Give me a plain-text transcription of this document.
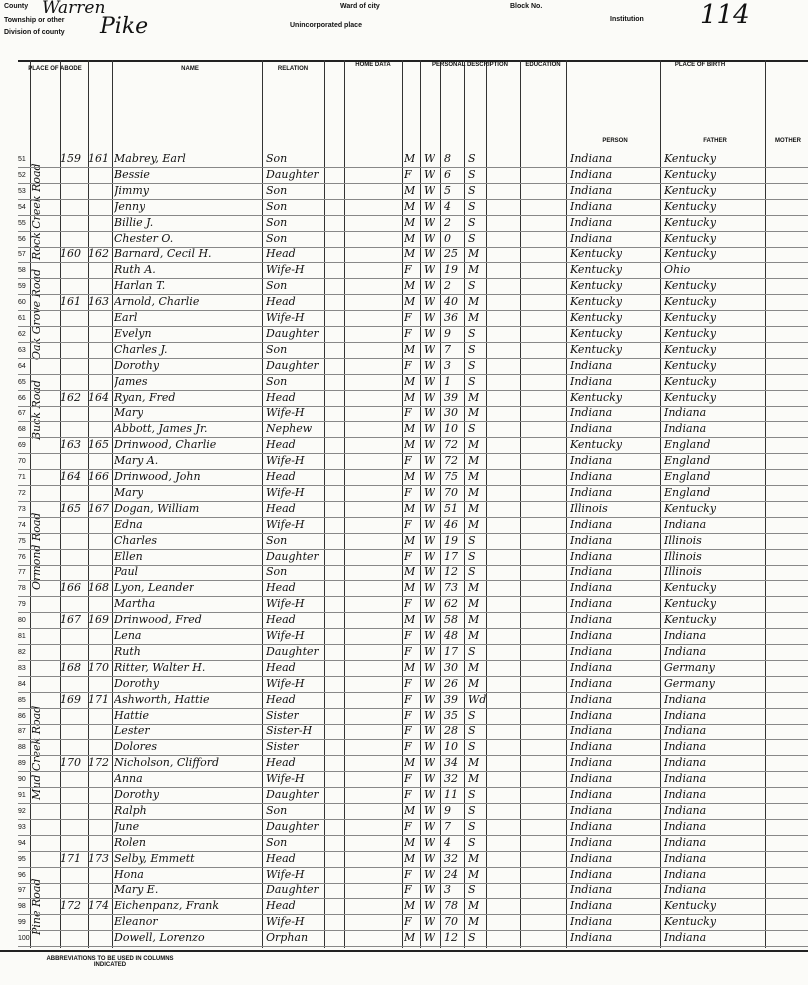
County Warren
Township or other
Division of county Pike
Ward of city	Block No.
Unincorporated place
Institution 114
PLACE OF ABODE	NAME	RELATION
HOME DATA	PERSONAL DESCRIPTION	EDUCATION	PLACE OF BIRTH
PERSON	FATHER	MOTHER
Rock Creek Road
Oak Grove Road
Buck Road
Ormond Road
Mud Creek Road
Pine Road
51	159 161 Mabrey, Earl	Son	M W 8 S	Indiana	Kentucky
52	Bessie	Daughter	F W 6 S	Indiana	Kentucky
53	Jimmy	Son	M W 5 S	Indiana	Kentucky
54	Jenny	Son	M W 4 S	Indiana	Kentucky
55	Billie J.	Son	M W 2 S	Indiana	Kentucky
56	Chester O.	Son	M W 0 S	Indiana	Kentucky
57	160 162 Barnard, Cecil H.	Head	M W 25 M	Kentucky	Kentucky
58	Ruth A.	Wife-H	F W 19 M	Kentucky	Ohio
59	Harlan T.	Son	M W 2 S	Kentucky	Kentucky
60	161 163 Arnold, Charlie	Head	M W 40 M	Kentucky	Kentucky
61	Earl	Wife-H	F W 36 M	Kentucky	Kentucky
62	Evelyn	Daughter	F W 9 S	Kentucky	Kentucky
63	Charles J.	Son	M W 7 S	Kentucky	Kentucky
64	Dorothy	Daughter	F W 3 S	Indiana	Kentucky
65	James	Son	M W 1 S	Indiana	Kentucky
66	162 164 Ryan, Fred	Head	M W 39 M	Kentucky	Kentucky
67	Mary	Wife-H	F W 30 M	Indiana	Indiana
68	Abbott, James Jr.	Nephew	M W 10 S	Indiana	Indiana
69	163 165 Drinwood, Charlie	Head	M W 72 M	Kentucky	England
70	Mary A.	Wife-H	F W 72 M	Indiana	England
71	164 166 Drinwood, John	Head	M W 75 M	Indiana	England
72	Mary	Wife-H	F W 70 M	Indiana	England
73	165 167 Dogan, William	Head	M W 51 M	Illinois	Kentucky
74	Edna	Wife-H	F W 46 M	Indiana	Indiana
75	Charles	Son	M W 19 S	Indiana	Illinois
76	Ellen	Daughter	F W 17 S	Indiana	Illinois
77	Paul	Son	M W 12 S	Indiana	Illinois
78	166 168 Lyon, Leander	Head	M W 73 M	Indiana	Kentucky
79	Martha	Wife-H	F W 62 M	Indiana	Kentucky
80	167 169 Drinwood, Fred	Head	M W 58 M	Indiana	Kentucky
81	Lena	Wife-H	F W 48 M	Indiana	Indiana
82	Ruth	Daughter	F W 17 S	Indiana	Indiana
83	168 170 Ritter, Walter H.	Head	M W 30 M	Indiana	Germany
84	Dorothy	Wife-H	F W 26 M	Indiana	Germany
85	169 171 Ashworth, Hattie	Head	F W 39 Wd	Indiana	Indiana
86	Hattie	Sister	F W 35 S	Indiana	Indiana
87	Lester	Sister-H	F W 28 S	Indiana	Indiana
88	Dolores	Sister	F W 10 S	Indiana	Indiana
89	170 172 Nicholson, Clifford	Head	M W 34 M	Indiana	Indiana
90	Anna	Wife-H	F W 32 M	Indiana	Indiana
91	Dorothy	Daughter	F W 11 S	Indiana	Indiana
92	Ralph	Son	M W 9 S	Indiana	Indiana
93	June	Daughter	F W 7 S	Indiana	Indiana
94	Rolen	Son	M W 4 S	Indiana	Indiana
95	171 173 Selby, Emmett	Head	M W 32 M	Indiana	Indiana
96	Hona	Wife-H	F W 24 M	Indiana	Indiana
97	Mary E.	Daughter	F W 3 S	Indiana	Indiana
98	172 174 Eichenpanz, Frank	Head	M W 78 M	Indiana	Kentucky
99	Eleanor	Wife-H	F W 70 M	Indiana	Kentucky
100	Dowell, Lorenzo	Orphan	M W 12 S	Indiana	Indiana
ABBREVIATIONS TO BE USED IN COLUMNS INDICATED
